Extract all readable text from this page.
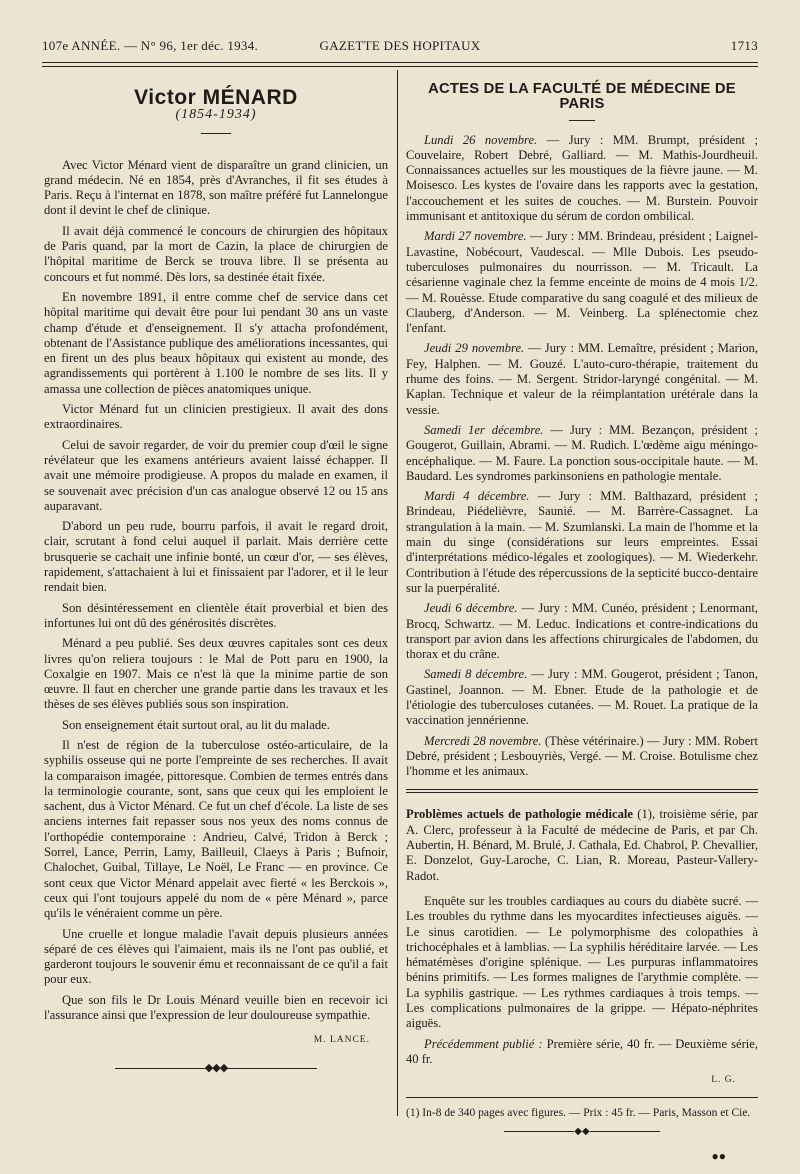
107e ANNÉE. — N° 96, 1er déc. 1934.	GAZETTE DES HOPITAUX	1713
Victor MÉNARD
(1854-1934)

Avec Victor Ménard vient de disparaître un grand clinicien, un grand médecin. Né en 1854, près d'Avranches, il fit ses études à Paris. Reçu à l'internat en 1878, son maître préféré fut Lannelongue dont il devint le chef de clinique.

Il avait déjà commencé le concours de chirurgien des hôpitaux de Paris quand, par la mort de Cazin, la place de chirurgien de l'hôpital maritime de Berck se trouva libre. Il se présenta au concours et fut nommé. Dès lors, sa destinée était fixée.

En novembre 1891, il entre comme chef de service dans cet hôpital maritime qui devait être pour lui pendant 30 ans un vaste champ d'étude et d'enseignement. Il s'y attacha profondément, obtenant de l'Assistance publique des améliorations incessantes, qui en firent un des plus beaux hôpitaux qui existent au monde, des agrandissements qui portèrent à 1.100 le nombre de ses lits. Il y amassa une collection de pièces anatomiques unique.

Victor Ménard fut un clinicien prestigieux. Il avait des dons extraordinaires.

Celui de savoir regarder, de voir du premier coup d'œil le signe révélateur que les examens antérieurs avaient laissé échapper. Il avait une mémoire prodigieuse. A propos du malade en examen, il se souvenait avec précision d'un cas analogue observé 12 ou 15 ans auparavant.

D'abord un peu rude, bourru parfois, il avait le regard droit, clair, scrutant à fond celui auquel il parlait. Mais derrière cette brusquerie se cachait une infinie bonté, un cœur d'or, — ses élèves, rapidement, s'attachaient à lui et finissaient par l'adorer, et il le leur rendait bien.

Son désintéressement en clientèle était proverbial et bien des infortunes lui ont dû des générosités discrètes.

Ménard a peu publié. Ses deux œuvres capitales sont ces deux livres qu'on reliera toujours : le Mal de Pott paru en 1900, la Coxalgie en 1907. Mais ce n'est là que la minime partie de son œuvre. Il faut en chercher une grande partie dans les travaux et les thèses de ses élèves publiés sous son inspiration.

Son enseignement était surtout oral, au lit du malade.

Il n'est de région de la tuberculose ostéo-articulaire, de la syphilis osseuse qui ne porte l'empreinte de ses recherches. Il avait la comparaison imagée, pittoresque. Combien de termes entrés dans la terminologie courante, sont, sans que ceux qui les emploient le sachent, dus à Victor Ménard. Ce fut un chef d'école. La liste de ses anciens internes fait repasser sous nos yeux des noms connus de l'orthopédie contemporaine : Andrieu, Calvé, Tridon à Berck ; Sorrel, Lance, Perrin, Lamy, Bailleuil, Claeys à Paris ; Bufnoir, Chalochet, Guibal, Tillaye, Le Noël, Le Franc — en province. Ce sont ceux que Victor Ménard appelait avec fierté « les Berckois », ceux qui l'ont toujours appelé du nom de « père Ménard », parce qu'ils le vénéraient comme un père.

Une cruelle et longue maladie l'avait depuis plusieurs années séparé de ces élèves qui l'aimaient, mais ils ne l'ont pas oublié, et garderont toujours le souvenir ému et reconnaissant de ce qu'il a fait pour eux.

Que son fils le Dr Louis Ménard veuille bien en recevoir ici l'assurance ainsi que l'expression de leur douloureuse sympathie.

M. LANCE.
◆◆◆
ACTES DE LA FACULTÉ DE MÉDECINE DE PARIS

Lundi 26 novembre. — Jury : MM. Brumpt, président ; Couvelaire, Robert Debré, Galliard. — M. Mathis-Jourdheuil. Connaissances actuelles sur les moustiques de la fièvre jaune. — M. Moisesco. Les kystes de l'ovaire dans les rapports avec la gestation, l'accouchement et les suites de couches. — M. Burstein. Pouvoir immunisant et antitoxique du sérum de cordon ombilical.

Mardi 27 novembre. — Jury : MM. Brindeau, président ; Laignel-Lavastine, Nobécourt, Vaudescal. — Mlle Dubois. Les pseudo-tuberculoses pulmonaires du nourrisson. — M. Tricault. La césarienne vaginale chez la femme enceinte de moins de 4 mois 1/2. — M. Rouèsse. Etude comparative du sang coagulé et des milieux de Clauberg, d'Anderson. — M. Veinberg. La splénectomie chez l'enfant.

Jeudi 29 novembre. — Jury : MM. Lemaître, président ; Marion, Fey, Halphen. — M. Gouzé. L'auto-curo-thérapie, traitement du rhume des foins. — M. Sergent. Stridor-laryngé congénital. — M. Kaplan. Technique et valeur de la réimplantation urétérale dans la vessie.

Samedi 1er décembre. — Jury : MM. Bezançon, président ; Gougerot, Guillain, Abrami. — M. Rudich. L'œdème aigu méningo-encéphalique. — M. Faure. La ponction sous-occipitale haute. — M. Baudard. Les syndromes parkinsoniens en pathologie mentale.

Mardi 4 décembre. — Jury : MM. Balthazard, président ; Brindeau, Piédelièvre, Saunié. — M. Barrère-Cassagnet. La strangulation à la main. — M. Szumlanski. La main de l'homme et la main du singe (considérations sur leurs empreintes. Essai d'interprétations médico-légales et zoologiques). — M. Wiederkehr. Contribution à l'étude des répercussions de la septicité bucco-dentaire sur la puerpéralité.

Jeudi 6 décembre. — Jury : MM. Cunéo, président ; Lenormant, Brocq, Schwartz. — M. Leduc. Indications et contre-indications du transport par avion dans les affections chirurgicales de l'abdomen, du thorax et du crâne.

Samedi 8 décembre. — Jury : MM. Gougerot, président ; Tanon, Gastinel, Joannon. — M. Ebner. Etude de la pathologie et de l'étiologie des tuberculoses cutanées. — M. Rouet. La pratique de la vaccination jennérienne.

Mercredi 28 novembre. (Thèse vétérinaire.) — Jury : MM. Robert Debré, président ; Lesbouyriès, Vergé. — M. Croise. Botulisme chez l'homme et les animaux.

Problèmes actuels de pathologie médicale (1), troisième série, par A. Clerc, professeur à la Faculté de médecine de Paris, et par Ch. Aubertin, H. Bénard, M. Brulé, J. Cathala, Ed. Chabrol, P. Chevallier, E. Donzelot, Guy-Laroche, C. Lian, R. Moreau, Pasteur-Vallery-Radot.

Enquête sur les troubles cardiaques au cours du diabète sucré. — Les troubles du rythme dans les myocardites infectieuses aiguës. — Le sinus carotidien. — Le polymorphisme des colopathies à trichocéphales et à lamblias. — La syphilis héréditaire larvée. — Les hématémèses d'origine splénique. — Les purpuras inflammatoires bénins primitifs. — Les formes malignes de l'arythmie complète. — La syphilis gastrique. — Les rythmes cardiaques à trois temps. — Les complications pulmonaires de la grippe. — Hépato-néphrites aiguës.

Précédemment publié : Première série, 40 fr. — Deuxième série, 40 fr.

L. G.

(1) In-8 de 340 pages avec figures. — Prix : 45 fr. — Paris, Masson et Cie.

◆◆
●●
